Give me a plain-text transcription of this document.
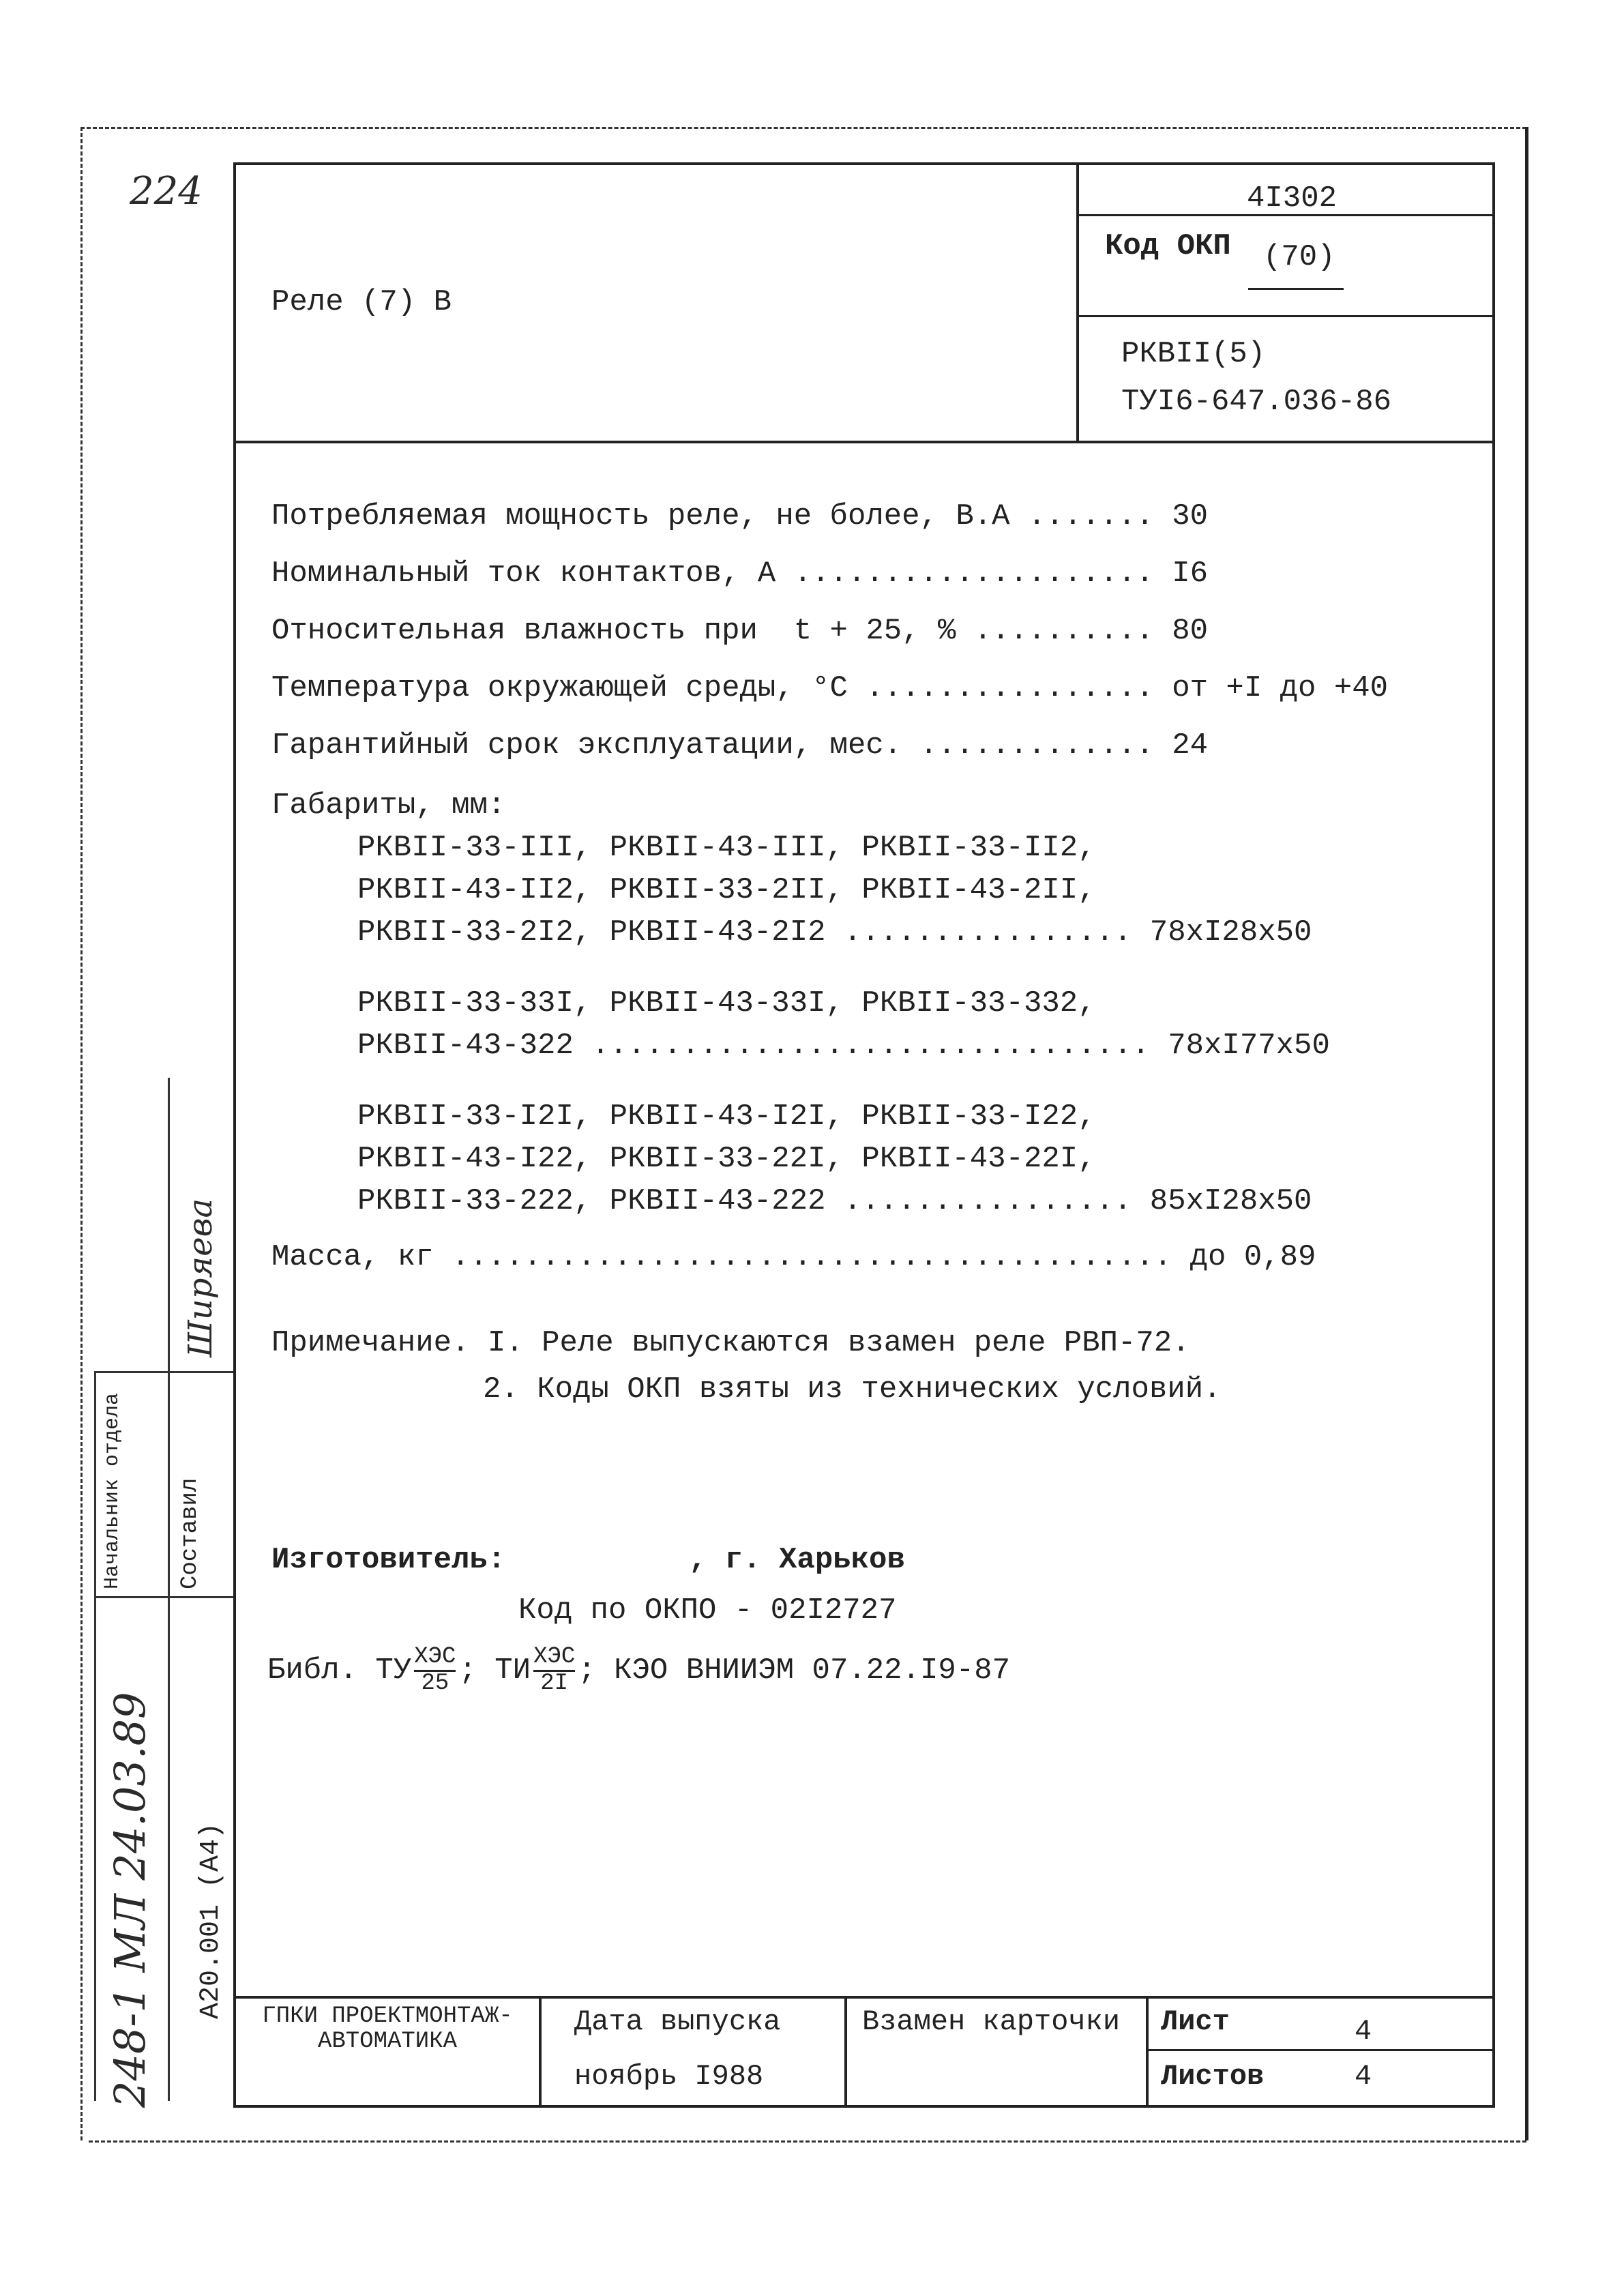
224
Начальник отдела Составил
Ширяева
А20.001 (А4)
248-1 МЛ 24.03.89
Реле (7) В
4I302
Код ОКП (70)
РКВII(5)
ТУI6-647.036-86
Потребляемая мощность реле, не более, В.А ....... 30
Номинальный ток контактов, А .................... I6
Относительная влажность при  t + 25, % .......... 80
Температура окружающей среды, °С ................ от +I до +40
Гарантийный срок эксплуатации, мес. ............. 24
Габариты, мм:
РКВII-33-III, РКВII-43-III, РКВII-33-II2,
РКВII-43-II2, РКВII-33-2II, РКВII-43-2II,
РКВII-33-2I2, РКВII-43-2I2 ................ 78хI28х50
РКВII-33-33I, РКВII-43-33I, РКВII-33-332,
РКВII-43-322 ............................... 78хI77х50
РКВII-33-I2I, РКВII-43-I2I, РКВII-33-I22,
РКВII-43-I22, РКВII-33-22I, РКВII-43-22I,
РКВII-33-222, РКВII-43-222 ................ 85хI28х50
Масса, кг ........................................ до 0,89
Примечание. I. Реле выпускаются взамен реле РВП-72.
2. Коды ОКП взяты из технических условий.
Изготовитель:	, г. Харьков
Код по ОКПО - 02I2727
Библ. ТУ ХЭС
25 ; ТИ ХЭС
2I ; КЭО ВНИИЭМ 07.22.I9-87
ГПКИ ПРОЕКТМОНТАЖ- АВТОМАТИКА
Дата выпуска
ноябрь I988
Взамен карточки Лист	4
Листов	4
